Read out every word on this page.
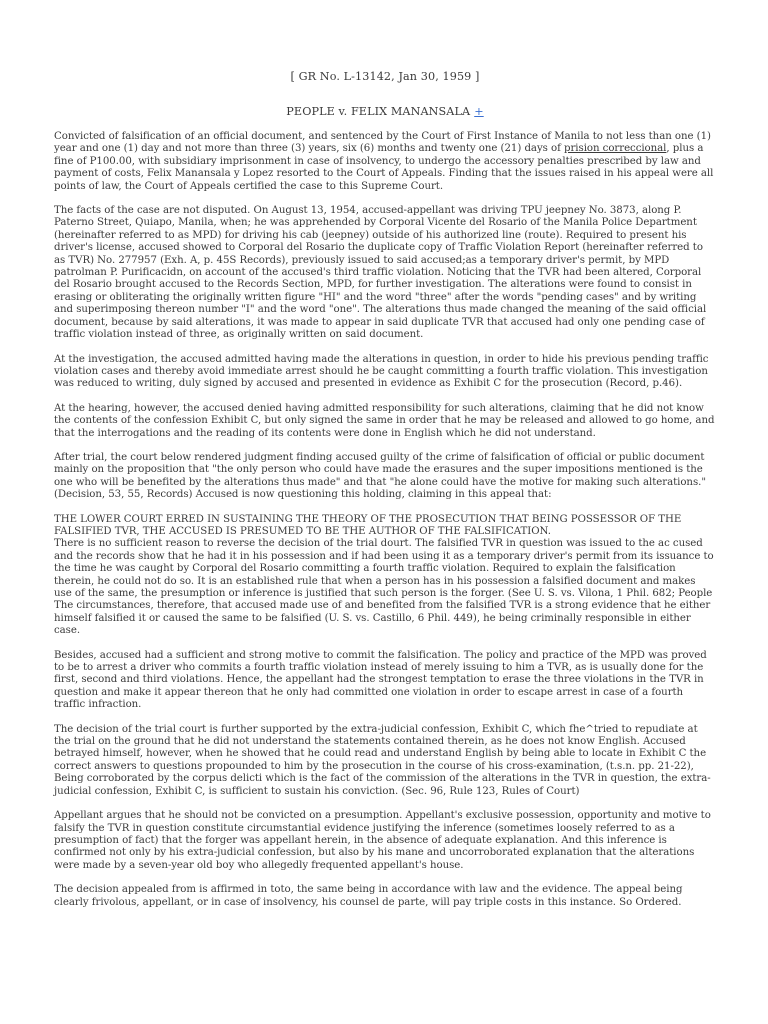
[ GR No. L-13142, Jan 30, 1959 ]

PEOPLE v. FELIX MANANSALA +

Convicted of falsification of an official document, and sentenced by the Court of First Instance of Manila to not less than one (1) year and one (1) day and not more than three (3) years, six (6) months and twenty one (21) days of prision correccional, plus a fine of P100.00, with subsidiary imprisonment in case of insolvency, to undergo the accessory penalties prescribed by law and payment of costs, Felix Manansala y Lopez resorted to the Court of Appeals. Finding that the issues raised in his appeal were all points of law, the Court of Appeals certified the case to this Supreme Court.

The facts of the case are not disputed. On August 13, 1954, accused-appellant was driving TPU jeepney No. 3873, along P. Paterno Street, Quiapo, Manila, when; he was apprehended by Corporal Vicente del Rosario of the Manila Police Department (hereinafter referred to as MPD) for driving his cab (jeepney) outside of his authorized line (route). Required to present his driver's license, accused showed to Corporal del Rosario the duplicate copy of Traffic Violation Report (hereinafter referred to as TVR) No. 277957 (Exh. A, p. 45S Records), previously issued to said accused;as a temporary driver's permit, by MPD patrolman P. Purificacidn, on account of the accused's third traffic violation. Noticing that the TVR had been altered, Corporal del Rosario brought accused to the Records Section, MPD, for further investigation. The alterations were found to consist in erasing or obliterating the originally written figure "HI" and the word "three" after the words "pending cases" and by writing and superimposing thereon number "I" and the word "one". The alterations thus made changed the meaning of the said official document, because by said alterations, it was made to appear in said duplicate TVR that accused had only one pending case of traffic violation instead of three, as originally written on said document.

At the investigation, the accused admitted having made the alterations in question, in order to hide his previous pending traffic violation cases and thereby avoid immediate arrest should he be caught committing a fourth traffic violation. This investigation was reduced to writing, duly signed by accused and presented in evidence as Exhibit C for the prosecution (Record, p.46).

At the hearing, however, the accused denied having admitted responsibility for such alterations, claiming that he did not know the contents of the confession Exhibit C, but only signed the same in order that he may be released and allowed to go home, and that the interrogations and the reading of its contents were done in English which he did not understand.

After trial, the court below rendered judgment finding accused guilty of the crime of falsification of official or public document mainly on the proposition that "the only person who could have made the erasures and the super impositions mentioned is the one who will be benefited by the alterations thus made" and that "he alone could have the motive for making such alterations." (Decision, 53, 55, Records) Accused is now questioning this holding, claiming in this appeal that:

THE LOWER COURT ERRED IN SUSTAINING THE THEORY OF THE PROSECUTION THAT BEING POSSESSOR OF THE FALSIFIED TVR, THE ACCUSED IS PRESUMED TO BE THE AUTHOR OF THE FALSIFICATION.

There is no sufficient reason to reverse the decision of the trial dourt. The falsified TVR in question was issued to the ac cused and the records show that he had it in his possession and if had been using it as a temporary driver's permit from its issuance to the time he was caught by Corporal del Rosario committing a fourth traffic violation. Required to explain the falsification therein, he could not do so. It is an established rule that when a person has in his possession a falsified document and makes use of the same, the presumption or inference is justified that such person is the forger. (See U. S. vs. Vilona, 1 Phil. 682; People The circumstances, therefore, that accused made use of and benefited from the falsified TVR is a strong evidence that he either himself falsified it or caused the same to be falsified (U. S. vs. Castillo, 6 Phil. 449), he being criminally responsible in either case.

Besides, accused had a sufficient and strong motive to commit the falsification. The policy and practice of the MPD was proved to be to arrest a driver who commits a fourth traffic violation instead of merely issuing to him a TVR, as is usually done for the first, second and third violations. Hence, the appellant had the strongest temptation to erase the three violations in the TVR in question and make it appear thereon that he only had committed one violation in order to escape arrest in case of a fourth traffic infraction.

The decision of the trial court is further supported by the extra-judicial confession, Exhibit C, which fhe^tried to repudiate at the trial on the ground that he did not understand the statements contained therein, as he does not know English. Accused betrayed himself, however, when he showed that he could read and understand English by being able to locate in Exhibit C the correct answers to questions propounded to him by the prosecution in the course of his cross-examination, (t.s.n. pp. 21-22), Being corroborated by the corpus delicti which is the fact of the commission of the alterations in the TVR in question, the extra-judicial confession, Exhibit C, is sufficient to sustain his conviction. (Sec. 96, Rule 123, Rules of Court)

Appellant argues that he should not be convicted on a presumption. Appellant's exclusive possession, opportunity and motive to falsify the TVR in question constitute circumstantial evidence justifying the inference (sometimes loosely referred to as a presumption of fact) that the forger was appellant herein, in the absence of adequate explanation. And this inference is confirmed not only by his extra-judicial confession, but also by his mane and uncorroborated explanation that the alterations were made by a seven-year old boy who allegedly frequented appellant's house.

The decision appealed from is affirmed in toto, the same being in accordance with law and the evidence. The appeal being clearly frivolous, appellant, or in case of insolvency, his counsel de parte, will pay triple costs in this instance. So Ordered.
